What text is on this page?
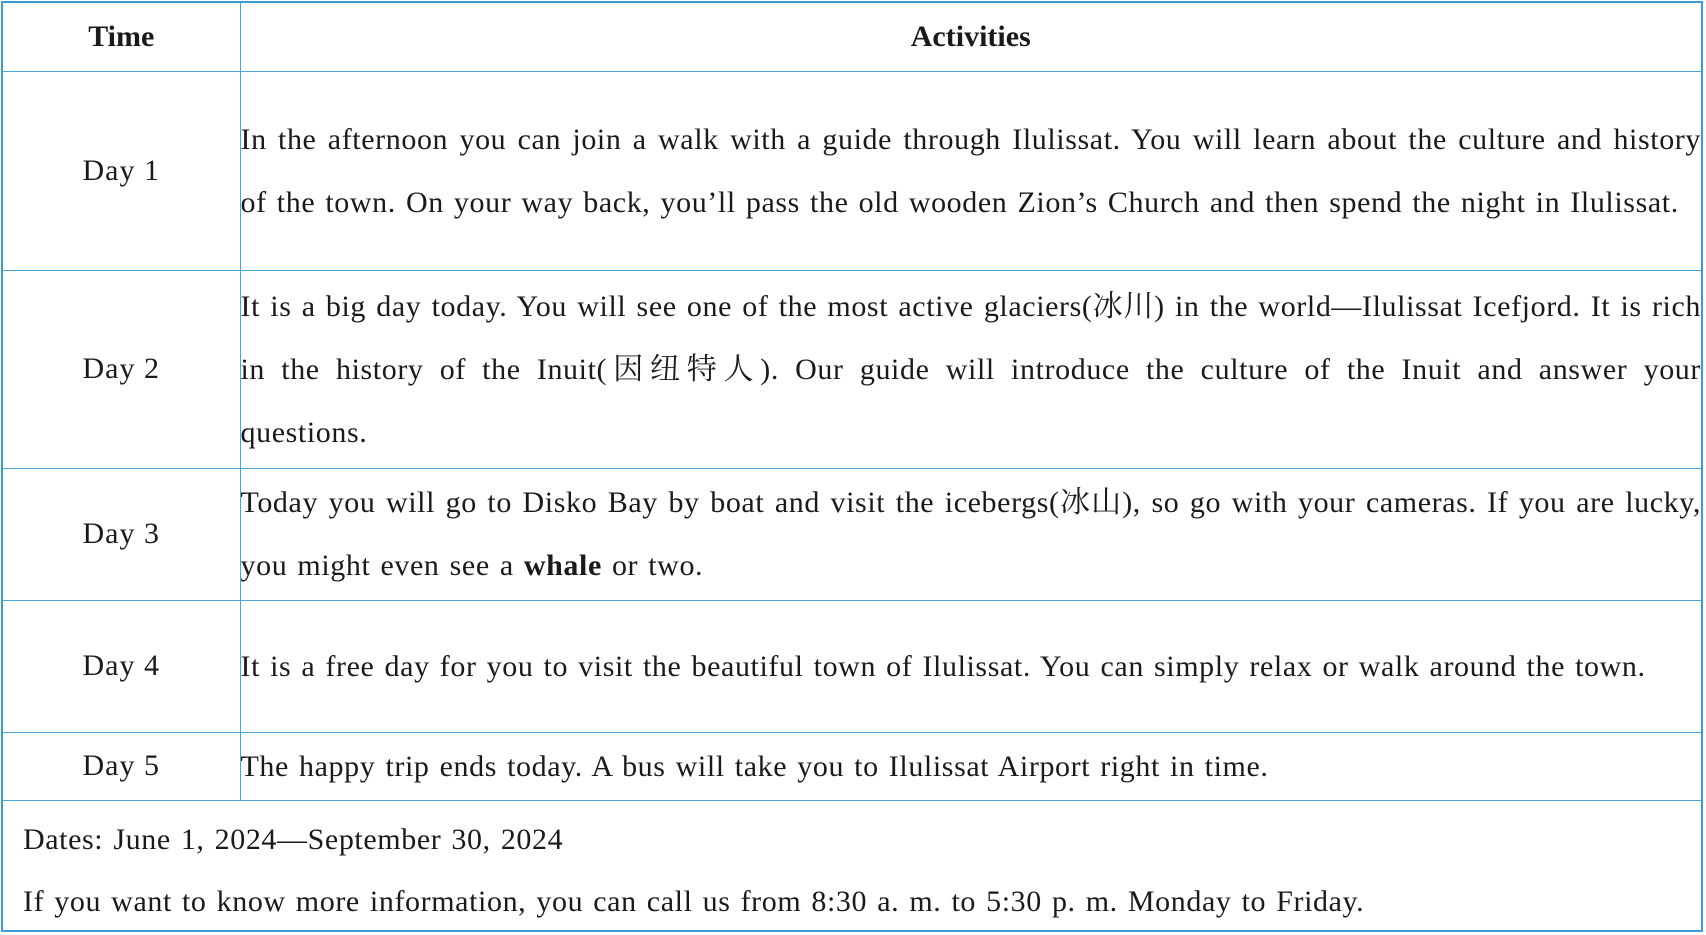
Time	Activities
Day 1	In the afternoon you can join a walk with a guide through Ilulissat. You will learn about the culture and history of the town. On your way back, you’ll pass the old wooden Zion’s Church and then spend the night in Ilulissat.
Day 2	It is a big day today. You will see one of the most active glaciers(冰川) in the world—Ilulissat Icefjord. It is rich in the history of the Inuit(因纽特人). Our guide will introduce the culture of the Inuit and answer your questions.
Day 3	Today you will go to Disko Bay by boat and visit the icebergs(冰山), so go with your cameras. If you are lucky, you might even see a whale or two.
Day 4	It is a free day for you to visit the beautiful town of Ilulissat. You can simply relax or walk around the town.
Day 5	The happy trip ends today. A bus will take you to Ilulissat Airport right in time.
Dates: June 1, 2024—September 30, 2024
If you want to know more information, you can call us from 8:30 a. m. to 5:30 p. m. Monday to Friday.
